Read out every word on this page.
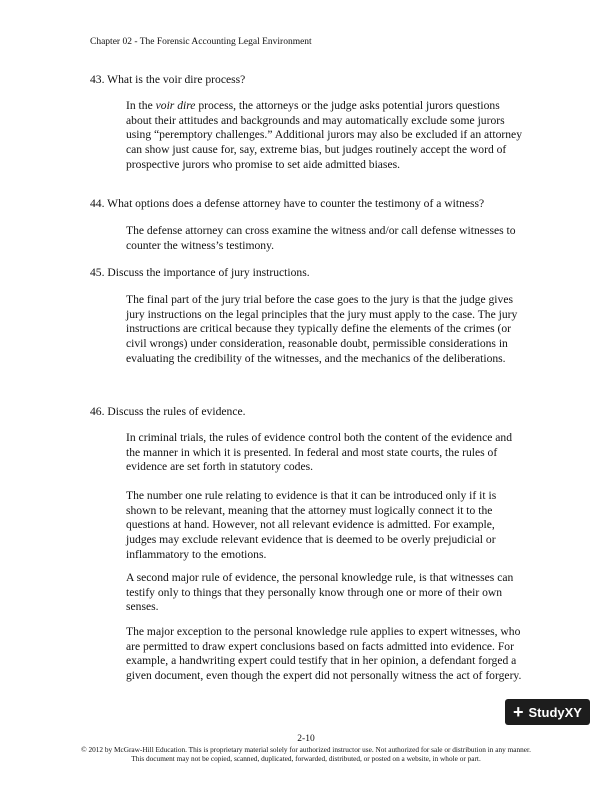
Chapter 02 - The Forensic Accounting Legal Environment
43. What is the voir dire process?

In the voir dire process, the attorneys or the judge asks potential jurors questions about their attitudes and backgrounds and may automatically exclude some jurors using “peremptory challenges.” Additional jurors may also be excluded if an attorney can show just cause for, say, extreme bias, but judges routinely accept the word of prospective jurors who promise to set aide admitted biases.

44. What options does a defense attorney have to counter the testimony of a witness?
The defense attorney can cross examine the witness and/or call defense witnesses to counter the witness’s testimony.
45. Discuss the importance of jury instructions.
The final part of the jury trial before the case goes to the jury is that the judge gives jury instructions on the legal principles that the jury must apply to the case. The jury instructions are critical because they typically define the elements of the crimes (or civil wrongs) under consideration, reasonable doubt, permissible considerations in evaluating the credibility of the witnesses, and the mechanics of the deliberations.
46. Discuss the rules of evidence.
In criminal trials, the rules of evidence control both the content of the evidence and the manner in which it is presented. In federal and most state courts, the rules of evidence are set forth in statutory codes.
The number one rule relating to evidence is that it can be introduced only if it is shown to be relevant, meaning that the attorney must logically connect it to the questions at hand. However, not all relevant evidence is admitted. For example, judges may exclude relevant evidence that is deemed to be overly prejudicial or inflammatory to the emotions.
A second major rule of evidence, the personal knowledge rule, is that witnesses can testify only to things that they personally know through one or more of their own senses.
The major exception to the personal knowledge rule applies to expert witnesses, who are permitted to draw expert conclusions based on facts admitted into evidence. For example, a handwriting expert could testify that in her opinion, a defendant forged a given document, even though the expert did not personally witness the act of forgery.
+ StudyXY
2-10
© 2012 by McGraw-Hill Education. This is proprietary material solely for authorized instructor use. Not authorized for sale or distribution in any manner. This document may not be copied, scanned, duplicated, forwarded, distributed, or posted on a website, in whole or part.
